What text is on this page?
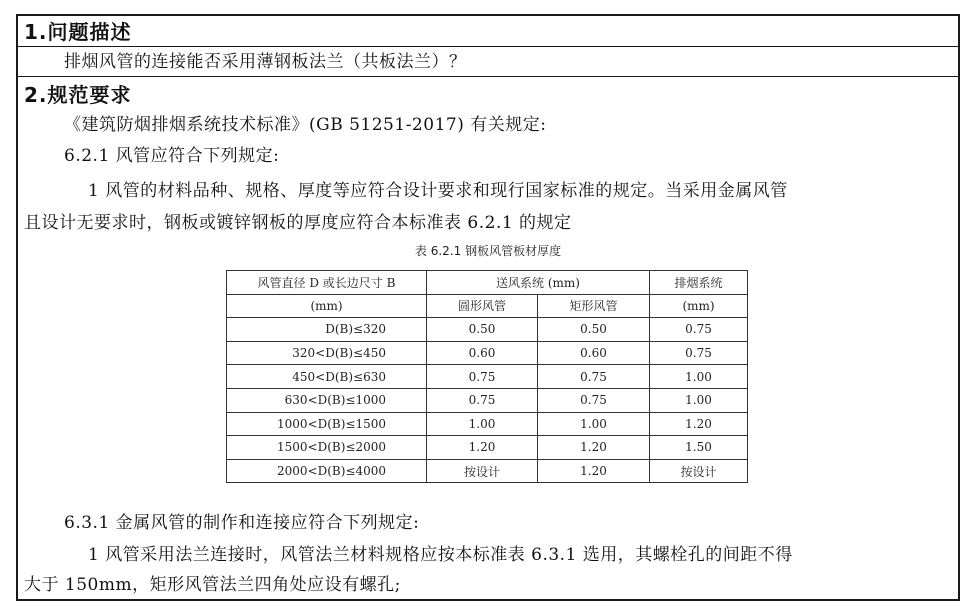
1.问题描述
排烟风管的连接能否采用薄钢板法兰（共板法兰）？
2.规范要求
《建筑防烟排烟系统技术标准》(GB 51251-2017) 有关规定:
6.2.1 风管应符合下列规定:
1 风管的材料品种、规格、厚度等应符合设计要求和现行国家标准的规定。当采用金属风管
且设计无要求时，钢板或镀锌钢板的厚度应符合本标准表 6.2.1 的规定
表 6.2.1 钢板风管板材厚度
风管直径 D 或长边尺寸 B	送风系统 (mm)		排烟系统
(mm)	圆形风管	矩形风管	(mm)
D(B)≤320	0.50	0.50	0.75
320<D(B)≤450	0.60	0.60	0.75
450<D(B)≤630	0.75	0.75	1.00
630<D(B)≤1000	0.75	0.75	1.00
1000<D(B)≤1500	1.00	1.00	1.20
1500<D(B)≤2000	1.20	1.20	1.50
2000<D(B)≤4000	按设计	1.20	按设计
6.3.1 金属风管的制作和连接应符合下列规定:
1 风管采用法兰连接时，风管法兰材料规格应按本标准表 6.3.1 选用，其螺栓孔的间距不得
大于 150mm，矩形风管法兰四角处应设有螺孔;
